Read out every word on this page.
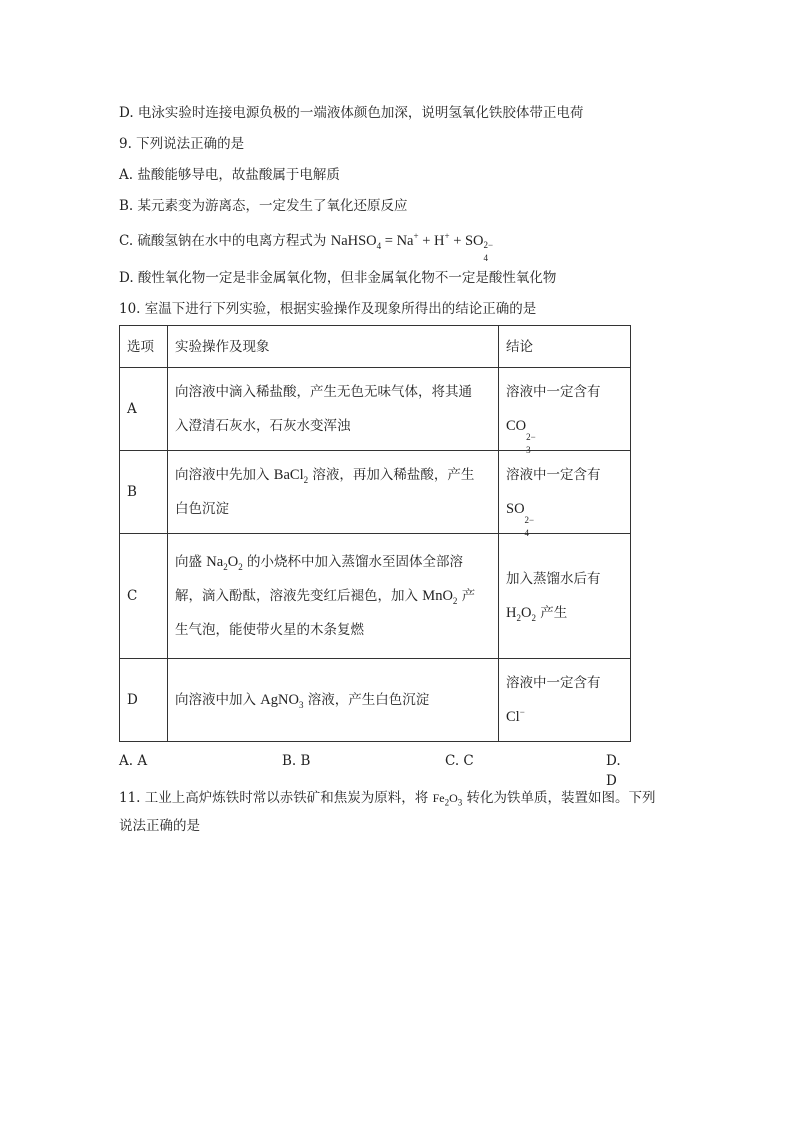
D. 电泳实验时连接电源负极的一端液体颜色加深，说明氢氧化铁胶体带正电荷
9. 下列说法正确的是
A. 盐酸能够导电，故盐酸属于电解质
B. 某元素变为游离态，一定发生了氧化还原反应
C. 硫酸氢钠在水中的电离方程式为 NaHSO$_4$ = Na+ + H+ + SO 2−
4
D. 酸性氧化物一定是非金属氧化物，但非金属氧化物不一定是酸性氧化物
10. 室温下进行下列实验，根据实验操作及现象所得出的结论正确的是
选项	实验操作及现象	结论
A	向溶液中滴入稀盐酸，产生无色无味气体，将其通
入澄清石灰水，石灰水变浑浊	溶液中一定含有
CO
2−
3

B	向溶液中先加入 BaCl$_2$ 溶液，再加入稀盐酸，产生
白色沉淀	溶液中一定含有
SO
2−
4

C	向盛 $Na_2O_2$ 的小烧杯中加入蒸馏水至固体全部溶
解，滴入酚酞，溶液先变红后褪色，加入 MnO$_2$ 产
生气泡，能使带火星的木条复燃	加入蒸馏水后有
$H_2O_2$ 产生
D	向溶液中加入 AgNO$_3$ 溶液，产生白色沉淀	溶液中一定含有
Cl−
A. A	B. B	C. C	D. D
11. 工业上高炉炼铁时常以赤铁矿和焦炭为原料，将 $Fe_2O_3$ 转化为铁单质，装置如图。下列
说法正确的是
